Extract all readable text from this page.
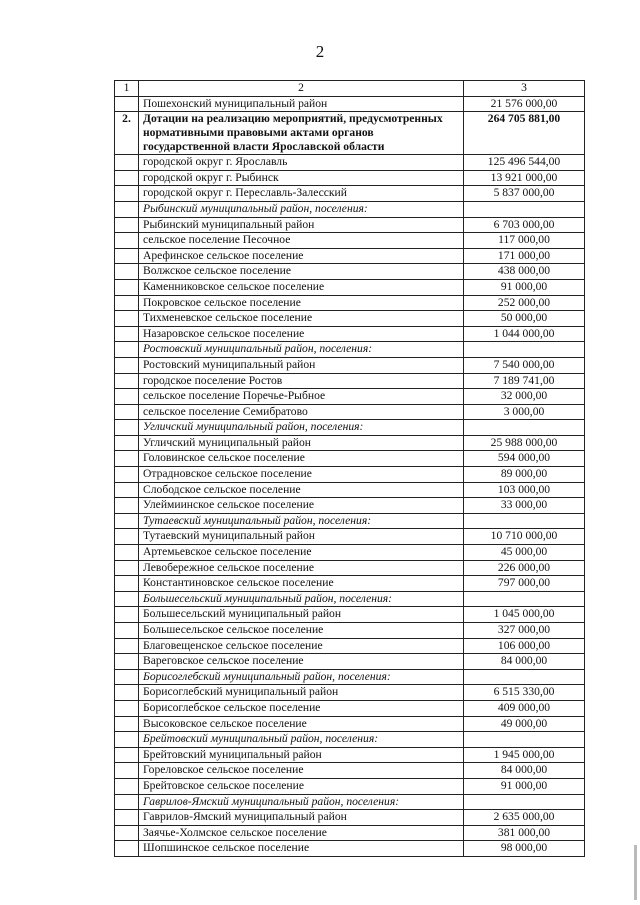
2
1	2	3
	Пошехонский муниципальный район	21 576 000,00
2.	Дотации на реализацию мероприятий, предусмотренных нормативными правовыми актами органов государственной власти Ярославской области	264 705 881,00
	городской округ г. Ярославль	125 496 544,00
	городской округ г. Рыбинск	13 921 000,00
	городской округ г. Переславль-Залесский	5 837 000,00
	Рыбинский муниципальный район, поселения:	
	Рыбинский муниципальный район	6 703 000,00
	сельское поселение Песочное	117 000,00
	Арефинское сельское поселение	171 000,00
	Волжское сельское поселение	438 000,00
	Каменниковское сельское поселение	91 000,00
	Покровское сельское поселение	252 000,00
	Тихменевское сельское поселение	50 000,00
	Назаровское сельское поселение	1 044 000,00
	Ростовский муниципальный район, поселения:	
	Ростовский муниципальный район	7 540 000,00
	городское поселение Ростов	7 189 741,00
	сельское поселение Поречье-Рыбное	32 000,00
	сельское поселение Семибратово	3 000,00
	Угличский муниципальный район, поселения:	
	Угличский муниципальный район	25 988 000,00
	Головинское сельское поселение	594 000,00
	Отрадновское сельское поселение	89 000,00
	Слободское сельское поселение	103 000,00
	Улеймиинское сельское поселение	33 000,00
	Тутаевский муниципальный район, поселения:	
	Тутаевский муниципальный район	10 710 000,00
	Артемьевское сельское поселение	45 000,00
	Левобережное сельское поселение	226 000,00
	Константиновское сельское поселение	797 000,00
	Большесельский муниципальный район, поселения:	
	Большесельский муниципальный район	1 045 000,00
	Большесельское сельское поселение	327 000,00
	Благовещенское сельское поселение	106 000,00
	Вареговское сельское поселение	84 000,00
	Борисоглебский муниципальный район, поселения:	
	Борисоглебский муниципальный район	6 515 330,00
	Борисоглебское сельское поселение	409 000,00
	Высоковское сельское поселение	49 000,00
	Брейтовский муниципальный район, поселения:	
	Брейтовский муниципальный район	1 945 000,00
	Гореловское сельское поселение	84 000,00
	Брейтовское сельское поселение	91 000,00
	Гаврилов-Ямский муниципальный район, поселения:	
	Гаврилов-Ямский муниципальный район	2 635 000,00
	Заячье-Холмское сельское поселение	381 000,00
	Шопшинское сельское поселение	98 000,00
